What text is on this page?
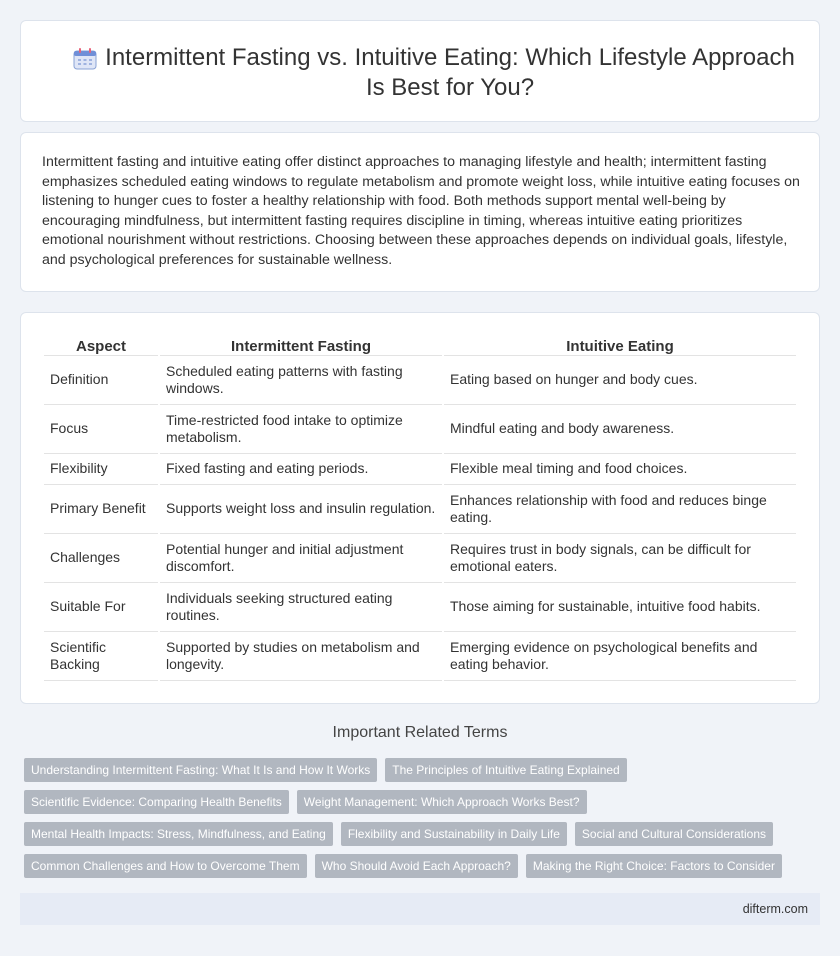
Intermittent Fasting vs. Intuitive Eating: Which Lifestyle Approach Is Best for You?

Intermittent fasting and intuitive eating offer distinct approaches to managing lifestyle and health; intermittent fasting emphasizes scheduled eating windows to regulate metabolism and promote weight loss, while intuitive eating focuses on listening to hunger cues to foster a healthy relationship with food. Both methods support mental well-being by encouraging mindfulness, but intermittent fasting requires discipline in timing, whereas intuitive eating prioritizes emotional nourishment without restrictions. Choosing between these approaches depends on individual goals, lifestyle, and psychological preferences for sustainable wellness.

Aspect	Intermittent Fasting	Intuitive Eating
Definition	Scheduled eating patterns with fasting windows.	Eating based on hunger and body cues.
Focus	Time-restricted food intake to optimize metabolism.	Mindful eating and body awareness.
Flexibility	Fixed fasting and eating periods.	Flexible meal timing and food choices.
Primary Benefit	Supports weight loss and insulin regulation.	Enhances relationship with food and reduces binge eating.
Challenges	Potential hunger and initial adjustment discomfort.	Requires trust in body signals, can be difficult for emotional eaters.
Suitable For	Individuals seeking structured eating routines.	Those aiming for sustainable, intuitive food habits.
Scientific Backing	Supported by studies on metabolism and longevity.	Emerging evidence on psychological benefits and eating behavior.
Important Related Terms
Understanding Intermittent Fasting: What It Is and How It Works	The Principles of Intuitive Eating Explained
Scientific Evidence: Comparing Health Benefits	Weight Management: Which Approach Works Best?
Mental Health Impacts: Stress, Mindfulness, and Eating	Flexibility and Sustainability in Daily Life	Social and Cultural Considerations
Common Challenges and How to Overcome Them	Who Should Avoid Each Approach?	Making the Right Choice: Factors to Consider
difterm.com
